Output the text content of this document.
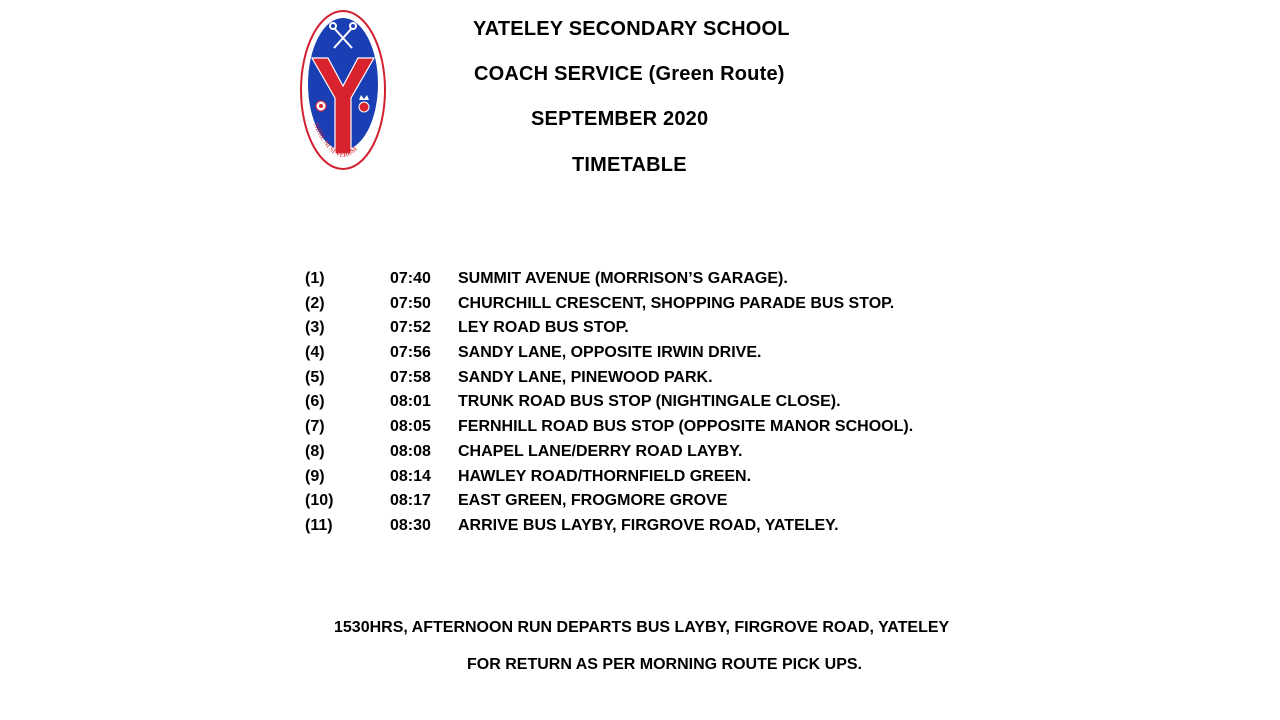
NIHIL NI SI VERUM
YATELEY SECONDARY SCHOOL
COACH SERVICE (Green Route)
SEPTEMBER 2020
TIMETABLE
(1)	07:40 SUMMIT AVENUE (MORRISON’S GARAGE).
(2)	07:50 CHURCHILL CRESCENT, SHOPPING PARADE BUS STOP.
(3)	07:52 LEY ROAD BUS STOP.
(4)	07:56 SANDY LANE, OPPOSITE IRWIN DRIVE.
(5)	07:58 SANDY LANE, PINEWOOD PARK.
(6)	08:01 TRUNK ROAD BUS STOP (NIGHTINGALE CLOSE).
(7)	08:05 FERNHILL ROAD BUS STOP (OPPOSITE MANOR SCHOOL).
(8)	08:08 CHAPEL LANE/DERRY ROAD LAYBY.
(9)	08:14 HAWLEY ROAD/THORNFIELD GREEN.
(10)	08:17 EAST GREEN, FROGMORE GROVE
(11)	08:30 ARRIVE BUS LAYBY, FIRGROVE ROAD, YATELEY.
1530HRS, AFTERNOON RUN DEPARTS BUS LAYBY, FIRGROVE ROAD, YATELEY
FOR RETURN AS PER MORNING ROUTE PICK UPS.
